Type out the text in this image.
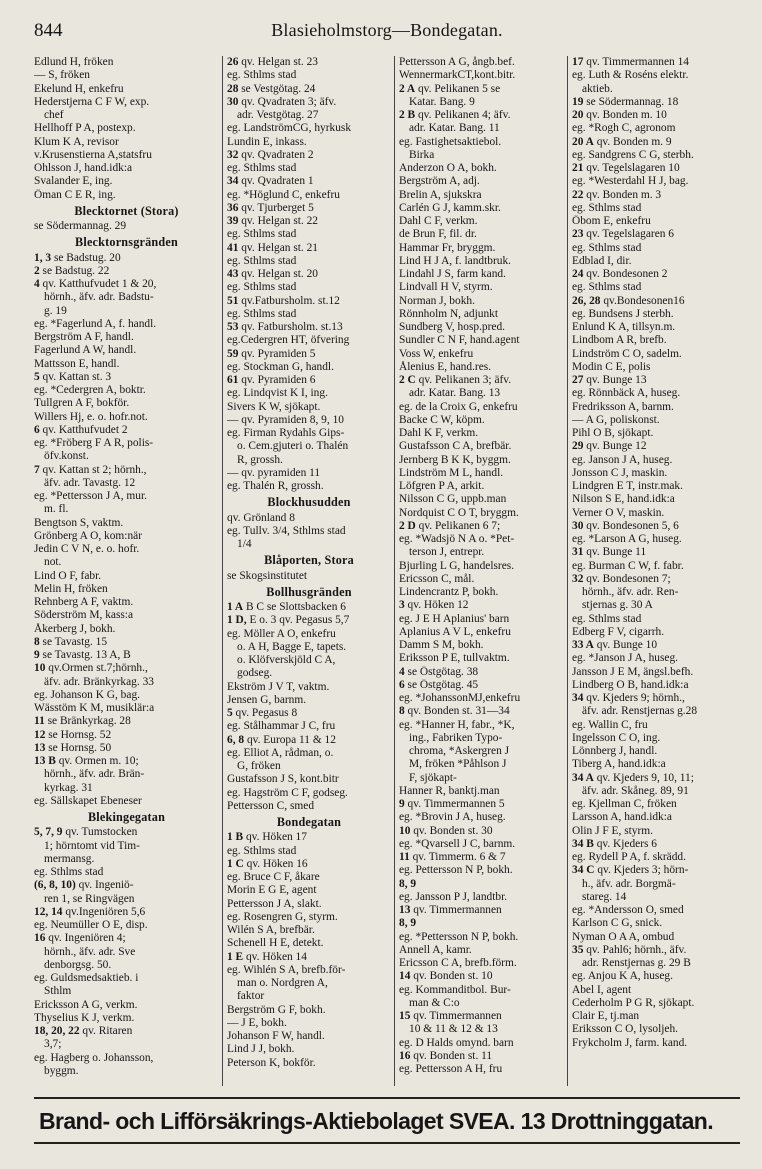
844	Blasieholmstorg—Bondegatan.
Edlund H, fröken
— S, fröken
Ekelund H, enkefru
Hederstjerna C F W, exp.
chef
Hellhoff P A, postexp.
Klum K A, revisor
v.Krusenstierna A,statsfru
Ohlsson J, hand.idk:a
Svalander E, ing.
Öman C E R, ing.
Blecktornet (Stora)
se Södermannag. 29
Blecktornsgränden
1, 3 se Badstug. 20
2 se Badstug. 22
4 qv. Katthufvudet 1 & 20,
hörnh., äfv. adr. Badstu-
g. 19
eg. *Fagerlund A, f. handl.
Bergström A F, handl.
Fagerlund A W, handl.
Mattsson E, handl.
5 qv. Kattan st. 3
eg. *Cedergren A, boktr.
Tullgren A F, bokför.
Willers Hj, e. o. hofr.not.
6 qv. Katthufvudet 2
eg. *Fröberg F A R, polis-
öfv.konst.
7 qv. Kattan st 2; hörnh.,
äfv. adr. Tavastg. 12
eg. *Pettersson J A, mur.
m. fl.
Bengtson S, vaktm.
Grönberg A O, kom:när
Jedin C V N, e. o. hofr.
not.
Lind O F, fabr.
Melin H, fröken
Rehnberg A F, vaktm.
Söderström M, kass:a
Åkerberg J, bokh.
8 se Tavastg. 15
9 se Tavastg. 13 A, B
10 qv.Ormen st.7;hörnh.,
äfv. adr. Bränkyrkag. 33
eg. Johanson K G, bag.
Wässtöm K M, musiklär:a
11 se Bränkyrkag. 28
12 se Hornsg. 52
13 se Hornsg. 50
13 B qv. Ormen m. 10;
hörnh., äfv. adr. Brän-
kyrkag. 31
eg. Sällskapet Ebeneser
Blekingegatan
5, 7, 9 qv. Tumstocken
1; hörntomt vid Tim-
mermansg.
eg. Sthlms stad
(6, 8, 10) qv. Ingeniö-
ren 1, se Ringvägen
12, 14 qv.Ingeniören 5,6
eg. Neumüller O E, disp.
16 qv. Ingeniören 4;
hörnh., äfv. adr. Sve
denborgsg. 50.
eg. Guldsmedsaktieb. i
Sthlm
Ericksson A G, verkm.
Thyselius K J, verkm.
18, 20, 22 qv. Ritaren
3,7;
eg. Hagberg o. Johansson,
byggm.
26 qv. Helgan st. 23
eg. Sthlms stad
28 se Vestgötag. 24
30 qv. Qvadraten 3; äfv.
adr. Vestgötag. 27
eg. LandströmCG, hyrkusk
Lundin E, inkass.
32 qv. Qvadraten 2
eg. Sthlms stad
34 qv. Qvadraten 1
eg. *Höglund C, enkefru
36 qv. Tjurberget 5
39 qv. Helgan st. 22
eg. Sthlms stad
41 qv. Helgan st. 21
eg. Sthlms stad
43 qv. Helgan st. 20
eg. Sthlms stad
51 qv.Fatbursholm. st.12
eg. Sthlms stad
53 qv. Fatbursholm. st.13
eg.Cedergren HT, öfvering
59 qv. Pyramiden 5
eg. Stockman G, handl.
61 qv. Pyramiden 6
eg. Lindqvist K I, ing.
Sivers K W, sjökapt.
— qv. Pyramiden 8, 9, 10
eg. Firman Rydahls Gips-
o. Cem.gjuteri o. Thalén
R, grossh.
— qv. pyramiden 11
eg. Thalén R, grossh.
Blockhusudden
qv. Grönland 8
eg. Tullv. 3/4, Sthlms stad
1/4
Blåporten, Stora
se Skogsinstitutet
Bollhusgränden
1 A B C se Slottsbacken 6
1 D, E o. 3 qv. Pegasus 5,7
eg. Möller A O, enkefru
o. A H, Bagge E, tapets.
o. Klöfverskjöld C A,
godseg.
Ekström J V T, vaktm.
Jensen G, barnm.
5 qv. Pegasus 8
eg. Stålhammar J C, fru
6, 8 qv. Europa 11 & 12
eg. Elliot A, rådman, o.
G, fröken
Gustafsson J S, kont.bitr
eg. Hagström C F, godseg.
Pettersson C, smed
Bondegatan
1 B qv. Höken 17
eg. Sthlms stad
1 C qv. Höken 16
eg. Bruce C F, åkare
Morin E G E, agent
Pettersson J A, slakt.
eg. Rosengren G, styrm.
Wilén S A, brefbär.
Schenell H E, detekt.
1 E qv. Höken 14
eg. Wihlén S A, brefb.för-
man o. Nordgren A,
faktor
Bergström G F, bokh.
— J E, bokh.
Johanson F W, handl.
Lind J J, bokh.
Peterson K, bokför.
Pettersson A G, ångb.bef.
WennermarkCT,kont.bitr.
2 A qv. Pelikanen 5 se
Katar. Bang. 9
2 B qv. Pelikanen 4; äfv.
adr. Katar. Bang. 11
eg. Fastighetsaktiebol.
Birka
Anderzon O A, bokh.
Bergström A, adj.
Brelin A, sjukskra
Carlén G J, kamm.skr.
Dahl C F, verkm.
de Brun F, fil. dr.
Hammar Fr, bryggm.
Lind H J A, f. landtbruk.
Lindahl J S, farm kand.
Lindvall H V, styrm.
Norman J, bokh.
Rönnholm N, adjunkt
Sundberg V, hosp.pred.
Sundler C N F, hand.agent
Voss W, enkefru
Ålenius E, hand.res.
2 C qv. Pelikanen 3; äfv.
adr. Katar. Bang. 13
eg. de la Croix G, enkefru
Backe C W, köpm.
Dahl K F, verkm.
Gustafsson C A, brefbär.
Jernberg B K K, byggm.
Lindström M L, handl.
Löfgren P A, arkit.
Nilsson C G, uppb.man
Nordquist C O T, bryggm.
2 D qv. Pelikanen 6 7;
eg. *Wadsjö N A o. *Pet-
terson J, entrepr.
Bjurling L G, handelsres.
Ericsson C, mål.
Lindencrantz P, bokh.
3 qv. Höken 12
eg. J E H Aplanius' barn
Aplanius A V L, enkefru
Damm S M, bokh.
Eriksson P E, tullvaktm.
4 se Östgötag. 38
6 se Östgötag. 45
eg. *JohanssonMJ,enkefru
8 qv. Bonden st. 31—34
eg. *Hanner H, fabr., *K,
ing., Fabriken Typo-
chroma, *Askergren J
M, fröken *Påhlson J
F, sjökapt-
Hanner R, banktj.man
9 qv. Timmermannen 5
eg. *Brovin J A, huseg.
10 qv. Bonden st. 30
eg. *Qvarsell J C, barnm.
11 qv. Timmerm. 6 & 7
eg. Pettersson N P, bokh.
8, 9
eg. Jansson P J, landtbr.
13 qv. Timmermannen
8, 9
eg. *Pettersson N P, bokh.
Annell A, kamr.
Ericsson C A, brefb.förm.
14 qv. Bonden st. 10
eg. Kommanditbol. Bur-
man & C:o
15 qv. Timmermannen
10 & 11 & 12 & 13
eg. D Halds omynd. barn
16 qv. Bonden st. 11
eg. Pettersson A H, fru
17 qv. Timmermannen 14
eg. Luth & Roséns elektr.
aktieb.
19 se Södermannag. 18
20 qv. Bonden m. 10
eg. *Rogh C, agronom
20 A qv. Bonden m. 9
eg. Sandgrens C G, sterbh.
21 qv. Tegelslagaren 10
eg. *Westerdahl H J, bag.
22 qv. Bonden m. 3
eg. Sthlms stad
Öbom E, enkefru
23 qv. Tegelslagaren 6
eg. Sthlms stad
Edblad I, dir.
24 qv. Bondesonen 2
eg. Sthlms stad
26, 28 qv.Bondesonen16
eg. Bundsens J sterbh.
Enlund K A, tillsyn.m.
Lindbom A R, brefb.
Lindström C O, sadelm.
Modin C E, polis
27 qv. Bunge 13
eg. Rönnbäck A, huseg.
Fredriksson A, barnm.
— A G, poliskonst.
Pihl O B, sjökapt.
29 qv. Bunge 12
eg. Janson J A, huseg.
Jonsson C J, maskin.
Lindgren E T, instr.mak.
Nilson S E, hand.idk:a
Verner O V, maskin.
30 qv. Bondesonen 5, 6
eg. *Larson A G, huseg.
31 qv. Bunge 11
eg. Burman C W, f. fabr.
32 qv. Bondesonen 7;
hörnh., äfv. adr. Ren-
stjernas g. 30 A
eg. Sthlms stad
Edberg F V, cigarrh.
33 A qv. Bunge 10
eg. *Janson J A, huseg.
Jansson J E M, ängsl.befh.
Lindberg O B, hand.idk:a
34 qv. Kjeders 9; hörnh.,
äfv. adr. Renstjernas g.28
eg. Wallin C, fru
Ingelsson C O, ing.
Lönnberg J, handl.
Tiberg A, hand.idk:a
34 A qv. Kjeders 9, 10, 11;
äfv. adr. Skåneg. 89, 91
eg. Kjellman C, fröken
Larsson A, hand.idk:a
Olin J F E, styrm.
34 B qv. Kjeders 6
eg. Rydell P A, f. skrädd.
34 C qv. Kjeders 3; hörn-
h., äfv. adr. Borgmä-
stareg. 14
eg. *Andersson O, smed
Karlson C G, snick.
Nyman O A A, ombud
35 qv. Pahl6; hörnh., äfv.
adr. Renstjernas g. 29 B
eg. Anjou K A, huseg.
Abel I, agent
Cederholm P G R, sjökapt.
Clair E, tj.man
Eriksson C O, lysoljeh.
Frykcholm J, farm. kand.
Brand- och Lifförsäkrings-Aktiebolaget SVEA. 13 Drottninggatan.
